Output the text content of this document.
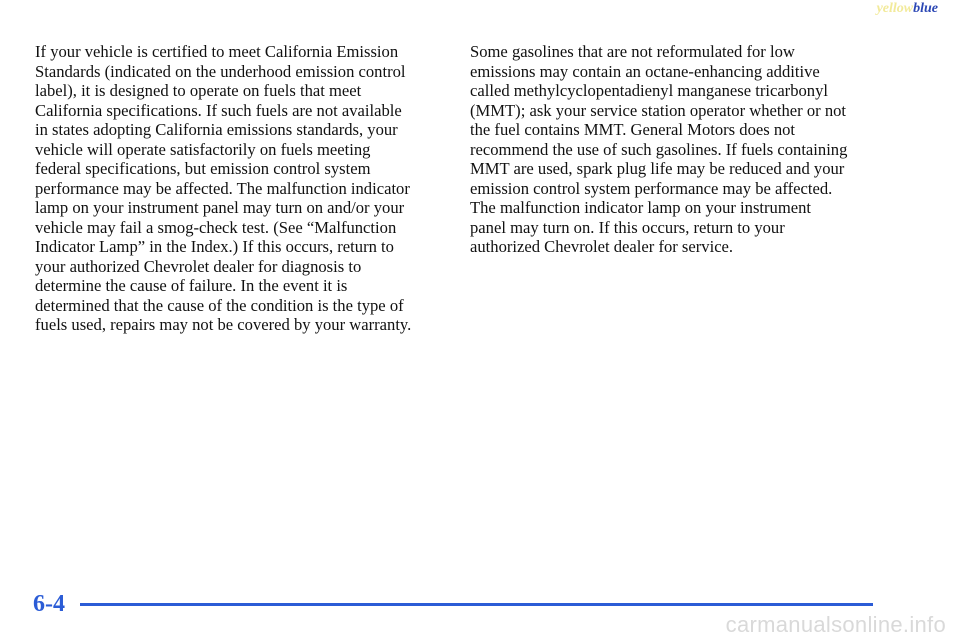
yellowblue
If your vehicle is certified to meet California Emission
Standards (indicated on the underhood emission control
label), it is designed to operate on fuels that meet
California specifications. If such fuels are not available
in states adopting California emissions standards, your
vehicle will operate satisfactorily on fuels meeting
federal specifications, but emission control system
performance may be affected. The malfunction indicator
lamp on your instrument panel may turn on and/or your
vehicle may fail a smog-check test. (See “Malfunction
Indicator Lamp” in the Index.) If this occurs, return to
your authorized Chevrolet dealer for diagnosis to
determine the cause of failure. In the event it is
determined that the cause of the condition is the type of
fuels used, repairs may not be covered by your warranty.
Some gasolines that are not reformulated for low
emissions may contain an octane-enhancing additive
called methylcyclopentadienyl manganese tricarbonyl
(MMT); ask your service station operator whether or not
the fuel contains MMT. General Motors does not
recommend the use of such gasolines. If fuels containing
MMT are used, spark plug life may be reduced and your
emission control system performance may be affected.
The malfunction indicator lamp on your instrument
panel may turn on. If this occurs, return to your
authorized Chevrolet dealer for service.
6-4
carmanualsonline.info
